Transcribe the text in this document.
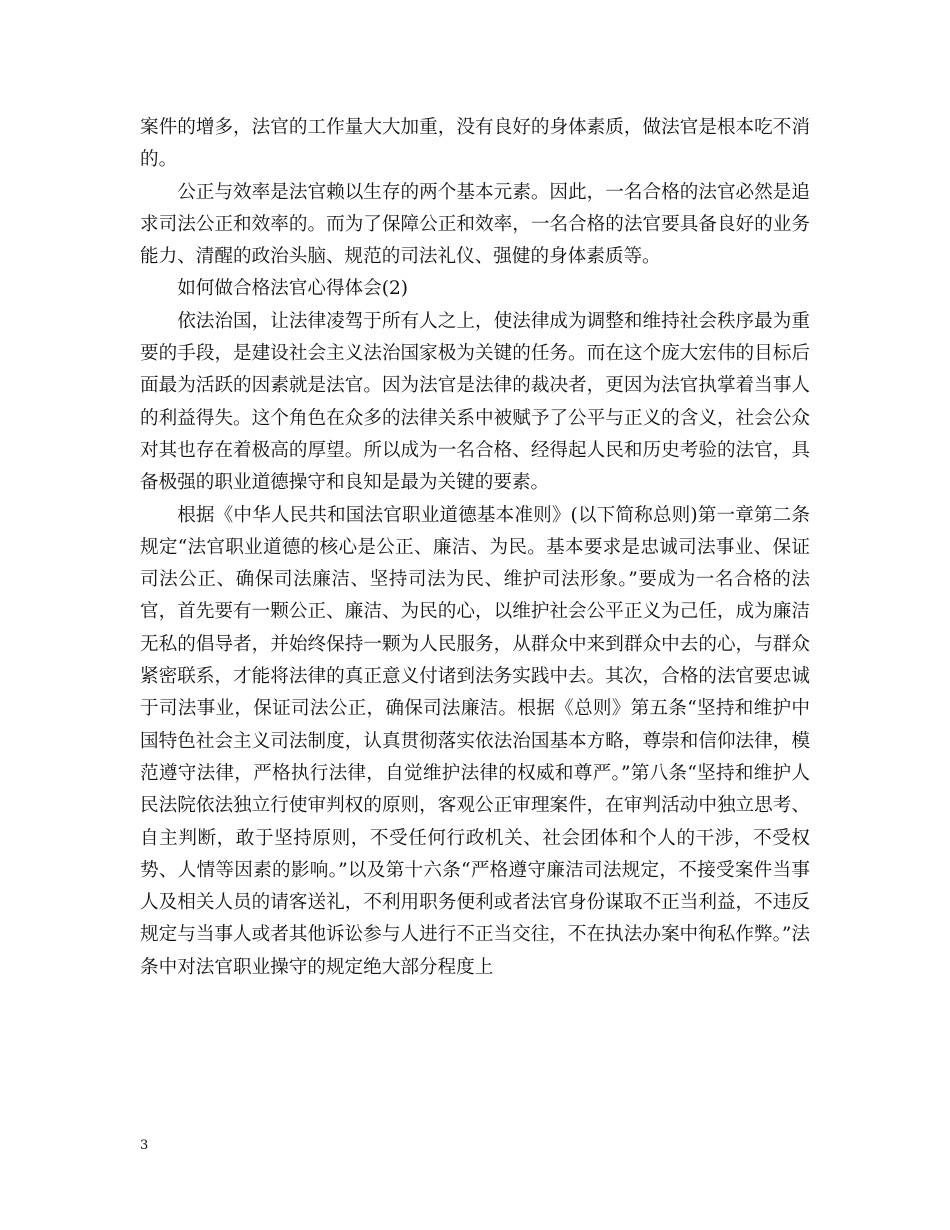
案件的增多，法官的工作量大大加重，没有良好的身体素质，做法官是根本吃不消的。

公正与效率是法官赖以生存的两个基本元素。因此，一名合格的法官必然是追求司法公正和效率的。而为了保障公正和效率，一名合格的法官要具备良好的业务能力、清醒的政治头脑、规范的司法礼仪、强健的身体素质等。

如何做合格法官心得体会(2)

依法治国，让法律凌驾于所有人之上，使法律成为调整和维持社会秩序最为重要的手段，是建设社会主义法治国家极为关键的任务。而在这个庞大宏伟的目标后面最为活跃的因素就是法官。因为法官是法律的裁决者，更因为法官执掌着当事人的利益得失。这个角色在众多的法律关系中被赋予了公平与正义的含义，社会公众对其也存在着极高的厚望。所以成为一名合格、经得起人民和历史考验的法官，具备极强的职业道德操守和良知是最为关键的要素。

根据《中华人民共和国法官职业道德基本准则》(以下简称总则)第一章第二条规定“法官职业道德的核心是公正、廉洁、为民。基本要求是忠诚司法事业、保证司法公正、确保司法廉洁、坚持司法为民、维护司法形象。”要成为一名合格的法官，首先要有一颗公正、廉洁、为民的心，以维护社会公平正义为己任，成为廉洁无私的倡导者，并始终保持一颗为人民服务，从群众中来到群众中去的心，与群众紧密联系，才能将法律的真正意义付诸到法务实践中去。其次，合格的法官要忠诚于司法事业，保证司法公正，确保司法廉洁。根据《总则》第五条“坚持和维护中国特色社会主义司法制度，认真贯彻落实依法治国基本方略，尊崇和信仰法律，模范遵守法律，严格执行法律，自觉维护法律的权威和尊严。”第八条“坚持和维护人民法院依法独立行使审判权的原则，客观公正审理案件，在审判活动中独立思考、自主判断，敢于坚持原则，不受任何行政机关、社会团体和个人的干涉，不受权势、人情等因素的影响。”以及第十六条“严格遵守廉洁司法规定，不接受案件当事人及相关人员的请客送礼，不利用职务便利或者法官身份谋取不正当利益，不违反规定与当事人或者其他诉讼参与人进行不正当交往，不在执法办案中徇私作弊。”法条中对法官职业操守的规定绝大部分程度上

3
